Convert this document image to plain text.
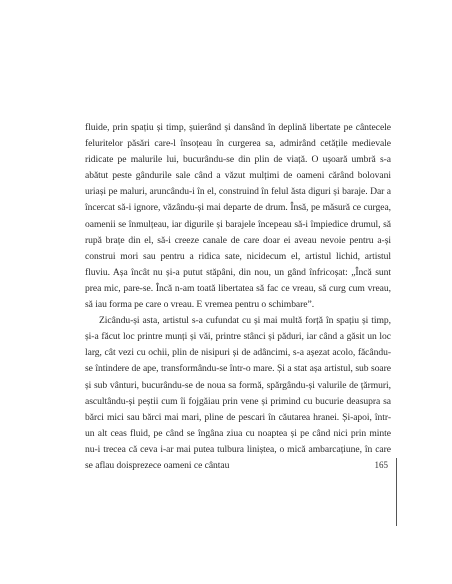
fluide, prin spațiu și timp, șuierând și dansând în deplină libertate pe cântecele feluritelor păsări care-l însoțeau în curgerea sa, admirând cetățile medievale ridicate pe malurile lui, bucurându-se din plin de viață. O ușoară umbră s-a abătut peste gândurile sale când a văzut mulțimi de oameni cărând bolovani uriași pe maluri, aruncându-i în el, construind în felul ăsta diguri și baraje. Dar a încercat să-i ignore, văzându-și mai departe de drum. Însă, pe măsură ce curgea, oamenii se înmulțeau, iar digurile și barajele începeau să-i împiedice drumul, să rupă brațe din el, să-i creeze canale de care doar ei aveau nevoie pentru a-și construi mori sau pentru a ridica sate, nicidecum el, artistul lichid, artistul fluviu. Așa încât nu și-a putut stăpâni, din nou, un gând înfricoșat: „Încă sunt prea mic, pare-se. Încă n-am toată libertatea să fac ce vreau, să curg cum vreau, să iau forma pe care o vreau. E vremea pentru o schimbare”.

Zicându-și asta, artistul s-a cufundat cu și mai multă forță în spațiu și timp, și-a făcut loc printre munți și văi, printre stânci și păduri, iar când a găsit un loc larg, cât vezi cu ochii, plin de nisipuri și de adâncimi, s-a așezat acolo, făcându-se întindere de ape, transformându-se într-o mare. Și a stat așa artistul, sub soare și sub vânturi, bucurându-se de noua sa formă, spărgându-și valurile de țărmuri, ascultându-și peștii cum îi fojgăiau prin vene și primind cu bucurie deasupra sa bărci mici sau bărci mai mari, pline de pescari în căutarea hranei. Și-apoi, într-un alt ceas fluid, pe când se îngâna ziua cu noaptea și pe când nici prin minte nu-i trecea că ceva i-ar mai putea tulbura liniștea, o mică ambarcațiune, în care se aflau doisprezece oameni ce cântau	165
